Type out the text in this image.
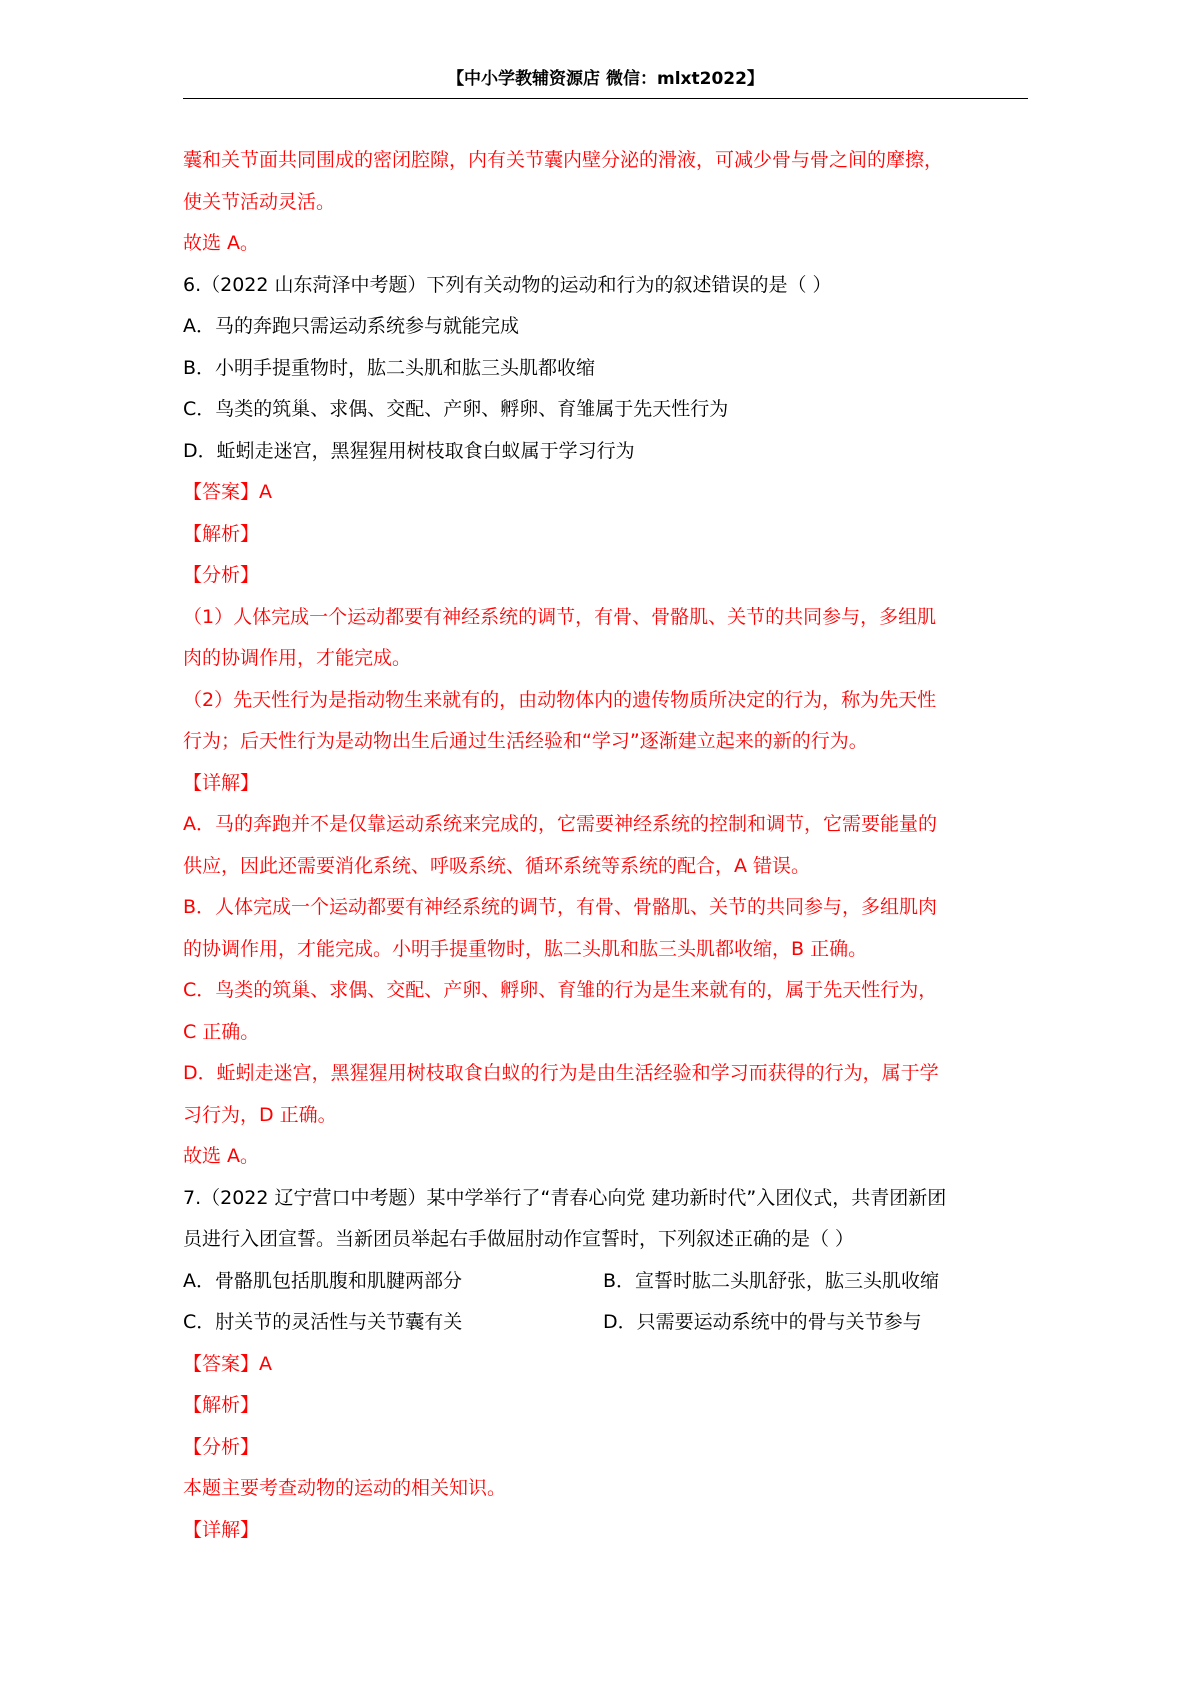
【中小学教辅资源店 微信：mlxt2022】

囊和关节面共同围成的密闭腔隙，内有关节囊内壁分泌的滑液，可减少骨与骨之间的摩擦，

使关节活动灵活。

故选 A。

6.（2022 山东菏泽中考题）下列有关动物的运动和行为的叙述错误的是（ ）

A．马的奔跑只需运动系统参与就能完成

B．小明手提重物时，肱二头肌和肱三头肌都收缩

C．鸟类的筑巢、求偶、交配、产卵、孵卵、育雏属于先天性行为

D．蚯蚓走迷宫，黑猩猩用树枝取食白蚁属于学习行为

【答案】A

【解析】

【分析】

（1）人体完成一个运动都要有神经系统的调节，有骨、骨骼肌、关节的共同参与，多组肌

肉的协调作用，才能完成。

（2）先天性行为是指动物生来就有的，由动物体内的遗传物质所决定的行为，称为先天性

行为；后天性行为是动物出生后通过生活经验和“学习”逐渐建立起来的新的行为。

【详解】

A．马的奔跑并不是仅靠运动系统来完成的，它需要神经系统的控制和调节，它需要能量的

供应，因此还需要消化系统、呼吸系统、循环系统等系统的配合，A 错误。

B．人体完成一个运动都要有神经系统的调节，有骨、骨骼肌、关节的共同参与，多组肌肉

的协调作用，才能完成。小明手提重物时，肱二头肌和肱三头肌都收缩，B 正确。

C．鸟类的筑巢、求偶、交配、产卵、孵卵、育雏的行为是生来就有的，属于先天性行为，

C 正确。

D．蚯蚓走迷宫，黑猩猩用树枝取食白蚁的行为是由生活经验和学习而获得的行为，属于学

习行为，D 正确。

故选 A。

7.（2022 辽宁营口中考题）某中学举行了“青春心向党 建功新时代”入团仪式，共青团新团

员进行入团宣誓。当新团员举起右手做屈肘动作宣誓时，下列叙述正确的是（ ）

A．骨骼肌包括肌腹和肌腱两部分	B．宣誓时肱二头肌舒张，肱三头肌收缩

C．肘关节的灵活性与关节囊有关	D．只需要运动系统中的骨与关节参与

【答案】A

【解析】

【分析】

本题主要考查动物的运动的相关知识。

【详解】
